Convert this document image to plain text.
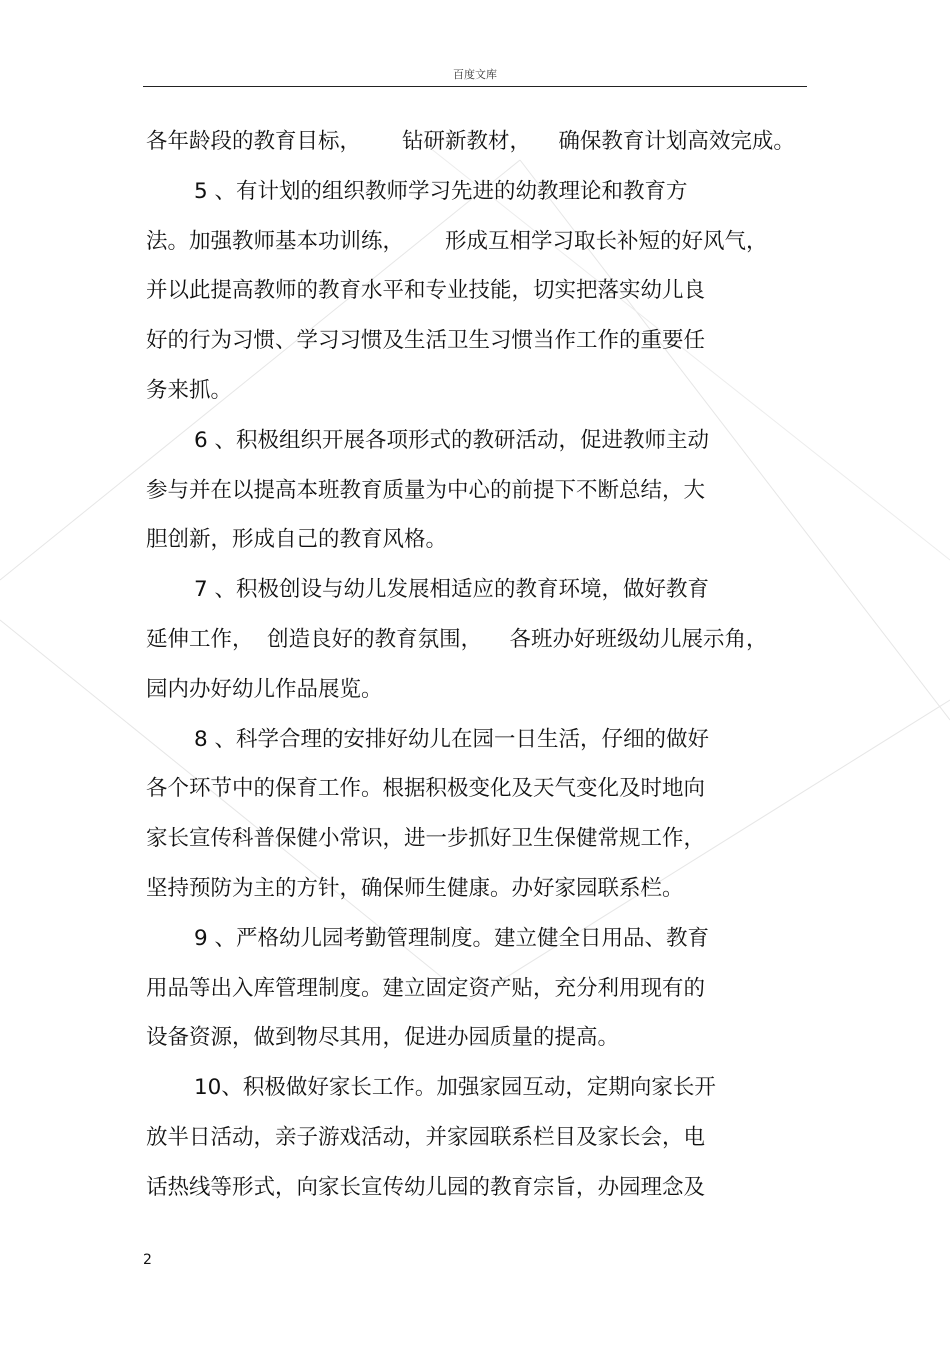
百度文库
各年龄段的教育目标，      钻研新教材，    确保教育计划高效完成。
5 、有计划的组织教师学习先进的幼教理论和教育方
法。加强教师基本功训练，      形成互相学习取长补短的好风气，
并以此提高教师的教育水平和专业技能，切实把落实幼儿良
好的行为习惯、学习习惯及生活卫生习惯当作工作的重要任
务来抓。
6 、积极组织开展各项形式的教研活动，促进教师主动
参与并在以提高本班教育质量为中心的前提下不断总结，大
胆创新，形成自己的教育风格。
7 、积极创设与幼儿发展相适应的教育环境，做好教育
延伸工作，  创造良好的教育氛围，    各班办好班级幼儿展示角，
园内办好幼儿作品展览。
8 、科学合理的安排好幼儿在园一日生活，仔细的做好
各个环节中的保育工作。根据积极变化及天气变化及时地向
家长宣传科普保健小常识，进一步抓好卫生保健常规工作，
坚持预防为主的方针，确保师生健康。办好家园联系栏。
9 、严格幼儿园考勤管理制度。建立健全日用品、教育
用品等出入库管理制度。建立固定资产贴，充分利用现有的
设备资源，做到物尽其用，促进办园质量的提高。
10、积极做好家长工作。加强家园互动，定期向家长开
放半日活动，亲子游戏活动，并家园联系栏目及家长会，电
话热线等形式，向家长宣传幼儿园的教育宗旨，办园理念及
2
